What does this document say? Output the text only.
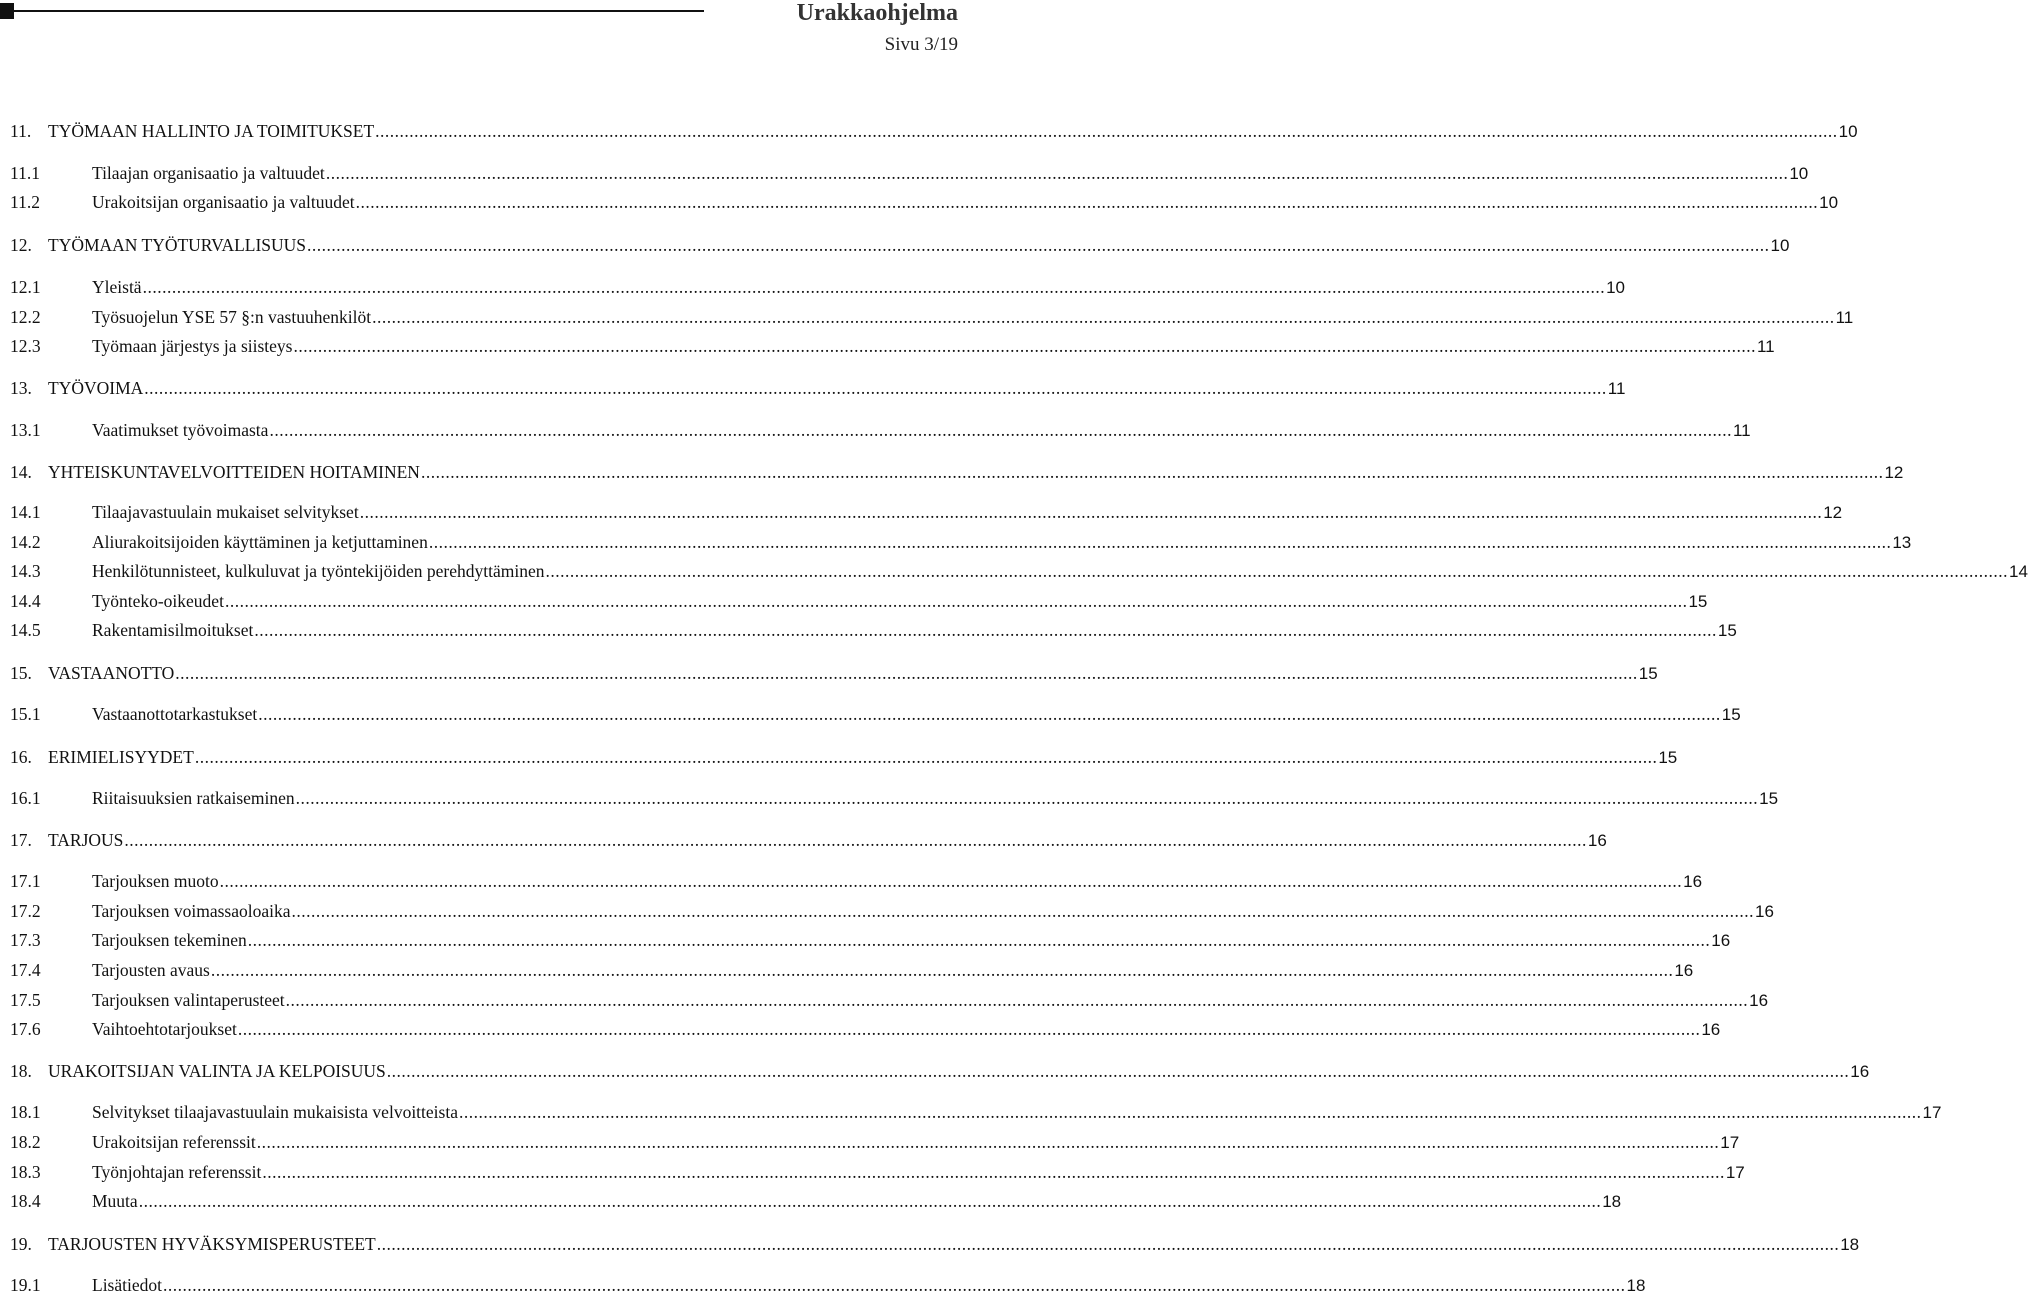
Urakkaohjelma
Sivu 3/19
11. TYÖMAAN HALLINTO JA TOIMITUKSET ............................................................................................................................................................................................................................................................................................................ 10
11.1	Tilaajan organisaatio ja valtuudet ............................................................................................................................................................................................................................................................................................................ 10
11.2	Urakoitsijan organisaatio ja valtuudet ............................................................................................................................................................................................................................................................................................................ 10
12. TYÖMAAN TYÖTURVALLISUUS ............................................................................................................................................................................................................................................................................................................ 10
12.1	Yleistä ............................................................................................................................................................................................................................................................................................................ 10
12.2	Työsuojelun YSE 57 §:n vastuuhenkilöt ............................................................................................................................................................................................................................................................................................................ 11
12.3	Työmaan järjestys ja siisteys ............................................................................................................................................................................................................................................................................................................ 11
13. TYÖVOIMA ............................................................................................................................................................................................................................................................................................................ 11
13.1	Vaatimukset työvoimasta ............................................................................................................................................................................................................................................................................................................ 11
14. YHTEISKUNTAVELVOITTEIDEN HOITAMINEN ............................................................................................................................................................................................................................................................................................................ 12
14.1	Tilaajavastuulain mukaiset selvitykset ............................................................................................................................................................................................................................................................................................................ 12
14.2	Aliurakoitsijoiden käyttäminen ja ketjuttaminen ............................................................................................................................................................................................................................................................................................................ 13
14.3	Henkilötunnisteet, kulkuluvat ja työntekijöiden perehdyttäminen ............................................................................................................................................................................................................................................................................................................ 14
14.4	Työnteko-oikeudet ............................................................................................................................................................................................................................................................................................................ 15
14.5	Rakentamisilmoitukset ............................................................................................................................................................................................................................................................................................................ 15
15. VASTAANOTTO ............................................................................................................................................................................................................................................................................................................ 15
15.1	Vastaanottotarkastukset ............................................................................................................................................................................................................................................................................................................ 15
16. ERIMIELISYYDET ............................................................................................................................................................................................................................................................................................................ 15
16.1	Riitaisuuksien ratkaiseminen ............................................................................................................................................................................................................................................................................................................ 15
17. TARJOUS ............................................................................................................................................................................................................................................................................................................ 16
17.1	Tarjouksen muoto ............................................................................................................................................................................................................................................................................................................ 16
17.2	Tarjouksen voimassaoloaika ............................................................................................................................................................................................................................................................................................................ 16
17.3	Tarjouksen tekeminen ............................................................................................................................................................................................................................................................................................................ 16
17.4	Tarjousten avaus ............................................................................................................................................................................................................................................................................................................ 16
17.5	Tarjouksen valintaperusteet ............................................................................................................................................................................................................................................................................................................ 16
17.6	Vaihtoehtotarjoukset ............................................................................................................................................................................................................................................................................................................ 16
18. URAKOITSIJAN VALINTA JA KELPOISUUS ............................................................................................................................................................................................................................................................................................................ 16
18.1	Selvitykset tilaajavastuulain mukaisista velvoitteista ............................................................................................................................................................................................................................................................................................................ 17
18.2	Urakoitsijan referenssit ............................................................................................................................................................................................................................................................................................................ 17
18.3	Työnjohtajan referenssit ............................................................................................................................................................................................................................................................................................................ 17
18.4	Muuta ............................................................................................................................................................................................................................................................................................................ 18
19. TARJOUSTEN HYVÄKSYMISPERUSTEET ............................................................................................................................................................................................................................................................................................................ 18
19.1	Lisätiedot ............................................................................................................................................................................................................................................................................................................ 18
